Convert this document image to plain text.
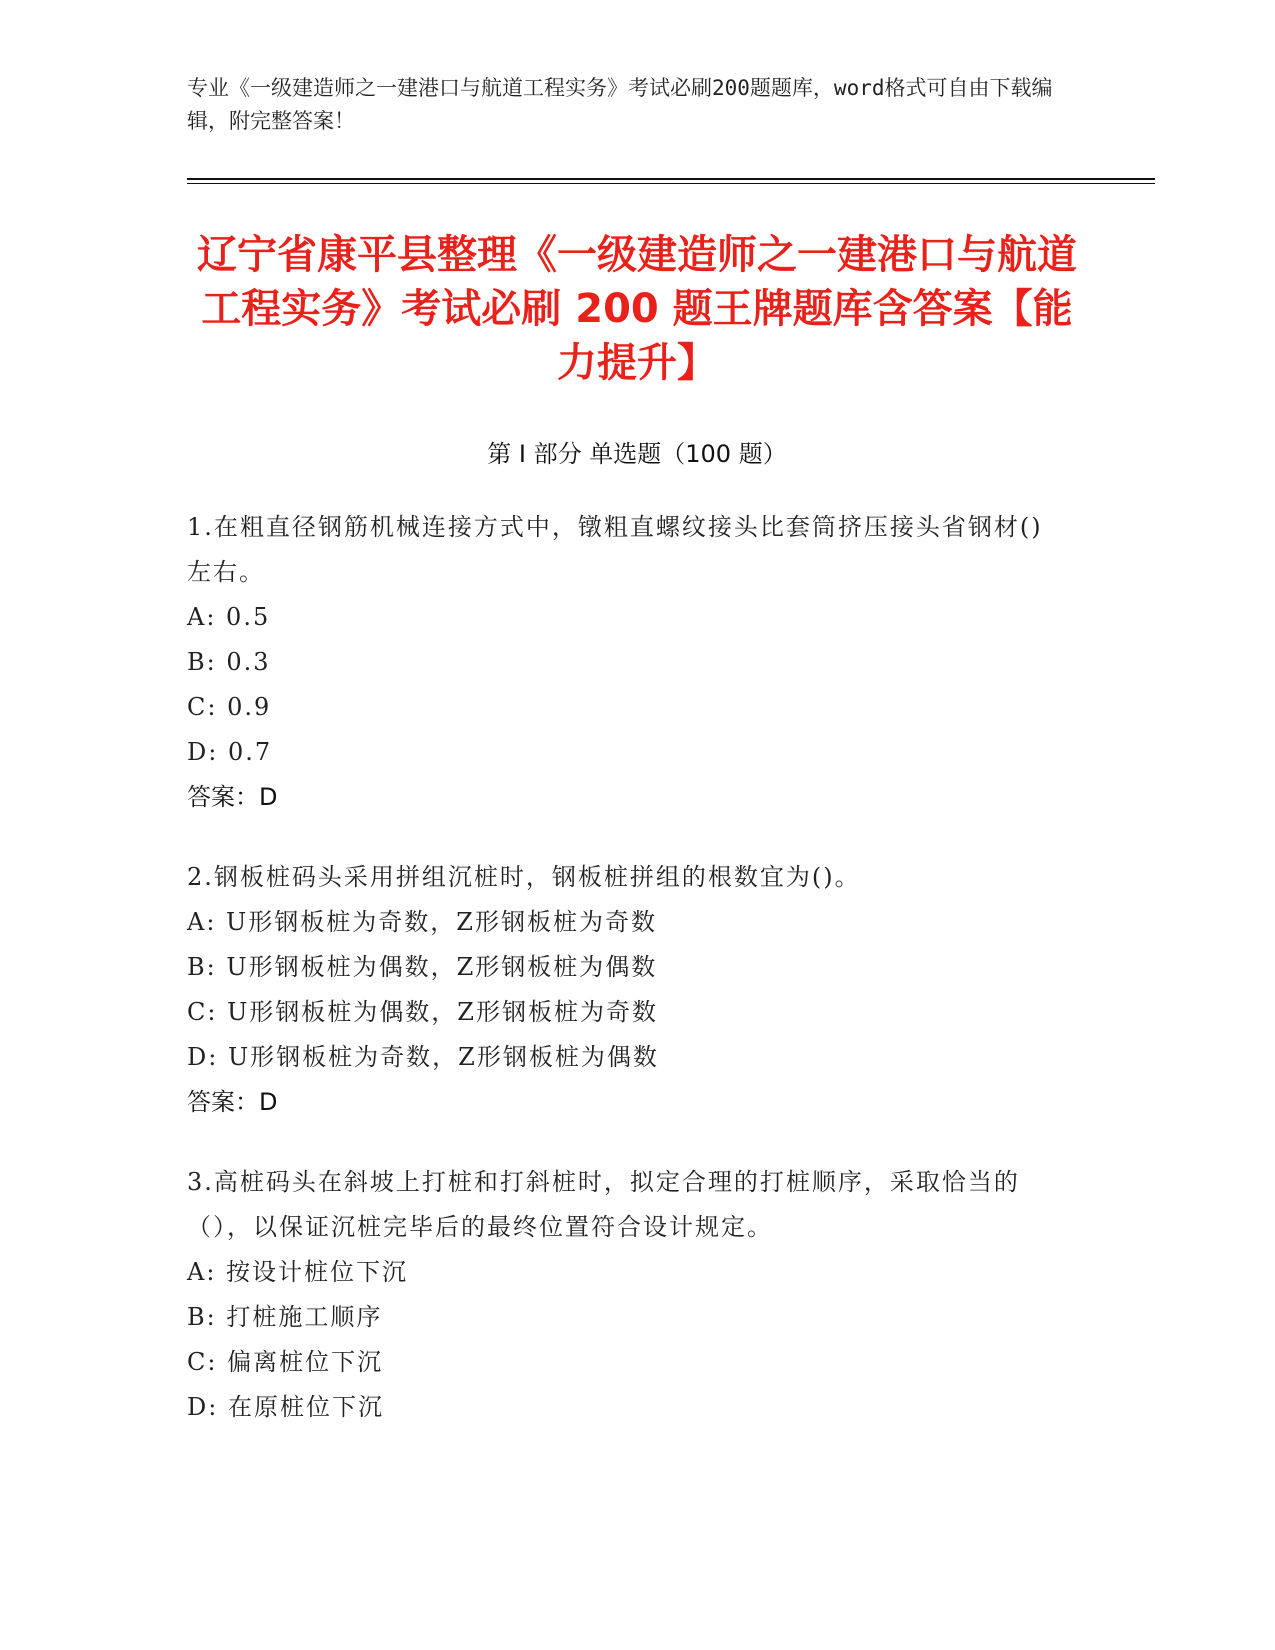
专业《一级建造师之一建港口与航道工程实务》考试必刷200题题库，word格式可自由下载编辑，附完整答案！
辽宁省康平县整理《一级建造师之一建港口与航道工程实务》考试必刷 200 题王牌题库含答案【能力提升】
第 I 部分 单选题（100 题）
1.在粗直径钢筋机械连接方式中，镦粗直螺纹接头比套筒挤压接头省钢材()左右。
A: 0.5
B: 0.3
C: 0.9
D: 0.7
答案：D
2.钢板桩码头采用拼组沉桩时，钢板桩拼组的根数宜为()。
A: U形钢板桩为奇数，Z形钢板桩为奇数
B: U形钢板桩为偶数，Z形钢板桩为偶数
C: U形钢板桩为偶数，Z形钢板桩为奇数
D: U形钢板桩为奇数，Z形钢板桩为偶数
答案：D
3.高桩码头在斜坡上打桩和打斜桩时，拟定合理的打桩顺序，采取恰当的（），以保证沉桩完毕后的最终位置符合设计规定。
A: 按设计桩位下沉
B: 打桩施工顺序
C: 偏离桩位下沉
D: 在原桩位下沉
